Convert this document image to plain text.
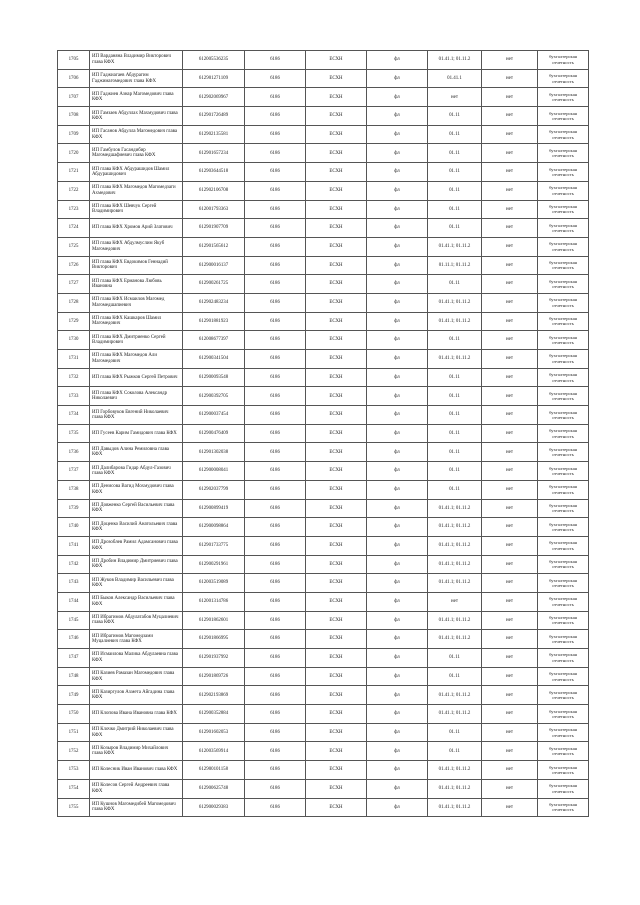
1705	ИП Варданяна Владимир Викторович глава КФХ	612005536235	6186	ЕСХН	фл	01.41.1; 01.11.2	нет	бухгалтерская отчетность
1706	ИП Гаджиагаев Абдурагим Гаджимагомедович глава КФХ	612901271109	6186	ЕСХН	фл	01.41.1	нет	бухгалтерская отчетность
1707	ИП Гаджиев Азнар Магомедович глава КФХ	612902069967	6186	ЕСХН	фл	нет	нет	бухгалтерская отчетность
1708	ИП Гамзаев Абдуллах Махмудович глава КФХ	612901726489	6186	ЕСХН	фл	01.11	нет	бухгалтерская отчетность
1709	ИП Гасанов Абдулла Магомедович глава КФХ	612902135581	6186	ЕСХН	фл	01.11	нет	бухгалтерская отчетность
1720	ИП Гамбулов Гасандибир Магомедшафиевич глава КФХ	612901657234	6186	ЕСХН	фл	01.11	нет	бухгалтерская отчетность
1721	ИП глава КФХ Абдурашидов Шамил Абдурашидович	612903644518	6186	ЕСХН	фл	01.11	нет	бухгалтерская отчетность
1722	ИП глава КФХ Магомедов Магомедзаги Ахмедович	612902106708	6186	ЕСХН	фл	01.11	нет	бухгалтерская отчетность
1723	ИП глава КФХ Шевчук Сергей Владимирович	612001793363	6186	ЕСХН	фл	01.11	нет	бухгалтерская отчетность
1724	ИП глава КФХ Хромов Арий Златович	612901907709	6186	ЕСХН	фл	01.11	нет	бухгалтерская отчетность
1725	ИП глава КФХ Абдулмуслим Якуб Магомедович	612901565612	6186	ЕСХН	фл	01.41.1; 01.11.2	нет	бухгалтерская отчетность
1726	ИП глава КФХ Евдокимов Геннадий Викторович	612900016137	6186	ЕСХН	фл	01.11.1; 01.11.2	нет	бухгалтерская отчетность
1727	ИП глава КФХ Ерманова Любовь Ивановна	612900261725	6186	ЕСХН	фл	01.11	нет	бухгалтерская отчетность
1728	ИП глава КФХ Исмаилов Магомед Магомедшапиевич	612902483234	6186	ЕСХН	фл	01.41.1; 01.11.2	нет	бухгалтерская отчетность
1729	ИП глава КФХ Кашкаров Шамил Магомедович	612901881923	6186	ЕСХН	фл	01.41.1; 01.11.2	нет	бухгалтерская отчетность
1730	ИП глава КФХ Дмитриенко Сергей Владимирович	612008677397	6186	ЕСХН	фл	01.11	нет	бухгалтерская отчетность
1731	ИП глава КФХ Магомедов Али Магомедович	612900341504	6186	ЕСХН	фл	01.41.1; 01.11.2	нет	бухгалтерская отчетность
1732	ИП глава КФХ Рыжков Сергей Петрович	612900093548	6186	ЕСХН	фл	01.11	нет	бухгалтерская отчетность
1733	ИП глава КФХ Соколова Александр Николаевич	612900392705	6186	ЕСХН	фл	01.11	нет	бухгалтерская отчетность
1734	ИП Горбовуков Евгений Николаевич глава КФХ	612900037454	6186	ЕСХН	фл	01.11	нет	бухгалтерская отчетность
1735	ИП Гусеев Карим Гамидович глава КФХ	612900476409	6186	ЕСХН	фл	01.11	нет	бухгалтерская отчетность
1736	ИП Давыдов Алина Ремиловна глава КФХ	612901302038	6186	ЕСХН	фл	01.11	нет	бухгалтерская отчетность
1737	ИП Далибарова Гидар Абдул-Газович глава КФХ	612900008041	6186	ЕСХН	фл	01.11	нет	бухгалтерская отчетность
1738	ИП Денисова Вагид Мохмудович глава КФХ	612902037799	6186	ЕСХН	фл	01.11	нет	бухгалтерская отчетность
1739	ИП Довженко Сергей Васильевич глава КФХ	612900899419	6186	ЕСХН	фл	01.41.1; 01.11.2	нет	бухгалтерская отчетность
1740	ИП Доценко Василий Анатольевич глава КФХ	612900098864	6186	ЕСХН	фл	01.41.1; 01.11.2	нет	бухгалтерская отчетность
1741	ИП Дрозоблев Рамил Адамсанович глава КФХ	612901733775	6186	ЕСХН	фл	01.41.1; 01.11.2	нет	бухгалтерская отчетность
1742	ИП Дробин Владимир Дмитриевич глава КФХ	612900291961	6186	ЕСХН	фл	01.41.1; 01.11.2	нет	бухгалтерская отчетность
1743	ИП Жуков Владимир Васильевич глава КФХ	612003519089	6186	ЕСХН	фл	01.41.1; 01.11.2	нет	бухгалтерская отчетность
1744	ИП Быков Александр Васильевич глава КФХ	612001314786	6186	ЕСХН	фл	нет	нет	бухгалтерская отчетность
1745	ИП Ибрагимов Абдулатабов Муцалиевич глава КФХ	612901862601	6186	ЕСХН	фл	01.41.1; 01.11.2	нет	бухгалтерская отчетность
1746	ИП Ибрагимов Магомедзами Муцалиевич глава КФХ	612901866995	6186	ЕСХН	фл	01.41.1; 01.11.2	нет	бухгалтерская отчетность
1747	ИП Исмаилова Малика Абдулаевна глава КФХ	612901937992	6186	ЕСХН	фл	01.11	нет	бухгалтерская отчетность
1748	ИП Казиев Рамазан Магомедович глава КФХ	612901869726	6186	ЕСХН	фл	01.11	нет	бухгалтерская отчетность
1749	ИП Казиргулов Ахмета Айгадина глава КФХ	612902193869	6186	ЕСХН	фл	01.41.1; 01.11.2	нет	бухгалтерская отчетность
1750	ИП Клопова Ивана Ивановна глава КФХ	612900352884	6186	ЕСХН	фл	01.41.1; 01.11.2	нет	бухгалтерская отчетность
1751	ИП Клочко Дмитрий Николаевич глава КФХ	612901602053	6186	ЕСХН	фл	01.11	нет	бухгалтерская отчетность
1752	ИП Козыров Владимир Михайлович глава КФХ	612003569914	6186	ЕСХН	фл	01.11	нет	бухгалтерская отчетность
1753	ИП Колесник Иван Иванович глава КФХ	612900101158	6186	ЕСХН	фл	01.41.1; 01.11.2	нет	бухгалтерская отчетность
1754	ИП Колесов Сергей Андреевич глава КФХ	612900625748	6186	ЕСХН	фл	01.41.1; 01.11.2	нет	бухгалтерская отчетность
1755	ИП Кушнов Магомедибей Магомедович глава КФХ	612900029383	6186	ЕСХН	фл	01.41.1; 01.11.2	нет	бухгалтерская отчетность
